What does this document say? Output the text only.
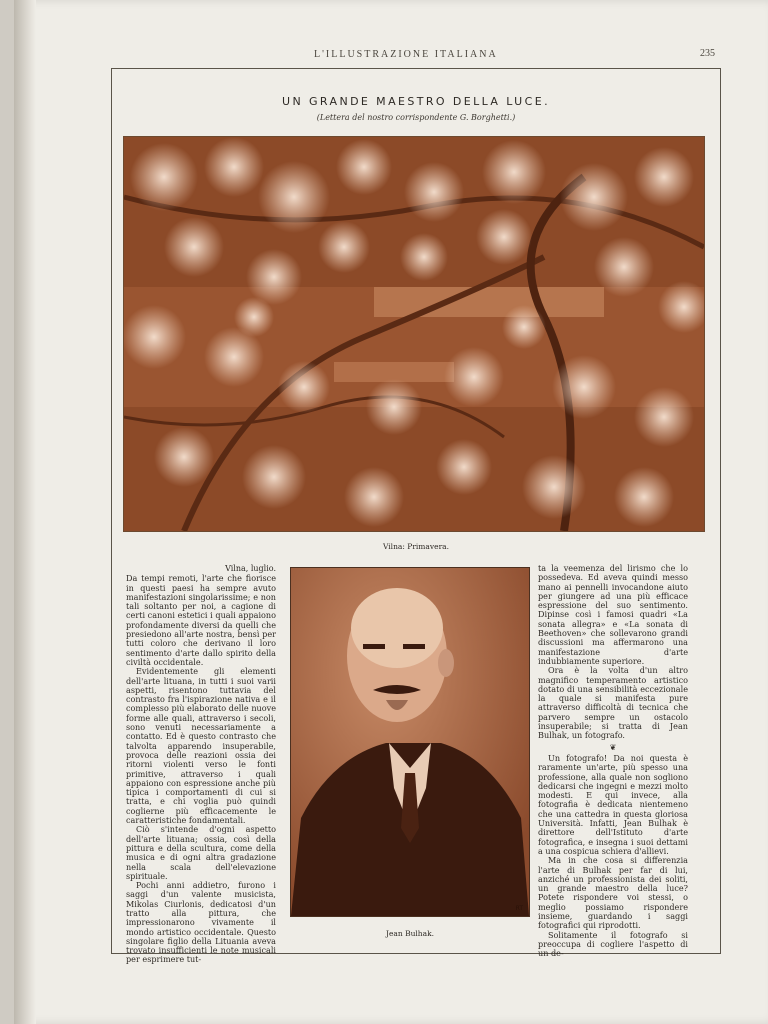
L'ILLUSTRAZIONE ITALIANA	235
UN GRANDE MAESTRO DELLA LUCE.
(Lettera del nostro corrispondente G. Borghetti.)
Vilna: Primavera.
Vilna, luglio.

Da tempi remoti, l'arte che fiorisce in questi paesi ha sempre avuto manifestazioni singolarissime; e non tali soltanto per noi, a cagione di certi canoni estetici i quali appaiono profondamente diversi da quelli che presiedono all'arte nostra, bensì per tutti coloro che derivano il loro sentimento d'arte dallo spirito della civiltà occidentale.

Evidentemente gli elementi dell'arte lituana, in tutti i suoi varii aspetti, risentono tuttavia del contrasto fra l'ispirazione nativa e il complesso più elaborato delle nuove forme alle quali, attraverso i secoli, sono venuti necessariamente a contatto. Ed è questo contrasto che talvolta apparendo insuperabile, provoca delle reazioni ossia dei ritorni violenti verso le fonti primitive, attraverso i quali appaiono con espressione anche più tipica i comportamenti di cui si tratta, e chi voglia può quindi coglierne più efficacemente le caratteristiche fondamentali.

Ciò s'intende d'ogni aspetto dell'arte lituana; ossia, così della pittura e della scultura, come della musica e di ogni altra gradazione nella scala dell'elevazione spirituale.

Pochi anni addietro, furono i saggi d'un valente musicista, Mikolas Ciurlonis, dedicatosi d'un tratto alla pittura, che impressionarono vivamente il mondo artistico occidentale. Questo singolare figlio della Lituania aveva trovato insufficienti le note musicali per esprimere tut-

RT
Jean Bulhak.

ta la veemenza del lirismo che lo possedeva. Ed aveva quindi messo mano ai pennelli invocandone aiuto per giungere ad una più efficace espressione del suo sentimento. Dipinse così i famosi quadri «La sonata allegra» e «La sonata di Beethoven» che sollevarono grandi discussioni ma affermarono una manifestazione d'arte indubbiamente superiore.

Ora è la volta d'un altro magnifico temperamento artistico dotato di una sensibilità eccezionale la quale si manifesta pure attraverso difficoltà di tecnica che parvero sempre un ostacolo insuperabile; si tratta di Jean Bulhak, un fotografo.

❦

Un fotografo! Da noi questa è raramente un'arte, più spesso una professione, alla quale non sogliono dedicarsi che ingegni e mezzi molto modesti. E qui invece, alla fotografia è dedicata nientemeno che una cattedra in questa gloriosa Università. Infatti, Jean Bulhak è direttore dell'Istituto d'arte fotografica, e insegna i suoi dettami a una cospicua schiera d'allievi.

Ma in che cosa si differenzia l'arte di Bulhak per far di lui, anziché un professionista dei soliti, un grande maestro della luce? Potete rispondere voi stessi, o meglio possiamo rispondere insieme, guardando i saggi fotografici qui riprodotti.

Solitamente il fotografo si preoccupa di cogliere l'aspetto di un de-
